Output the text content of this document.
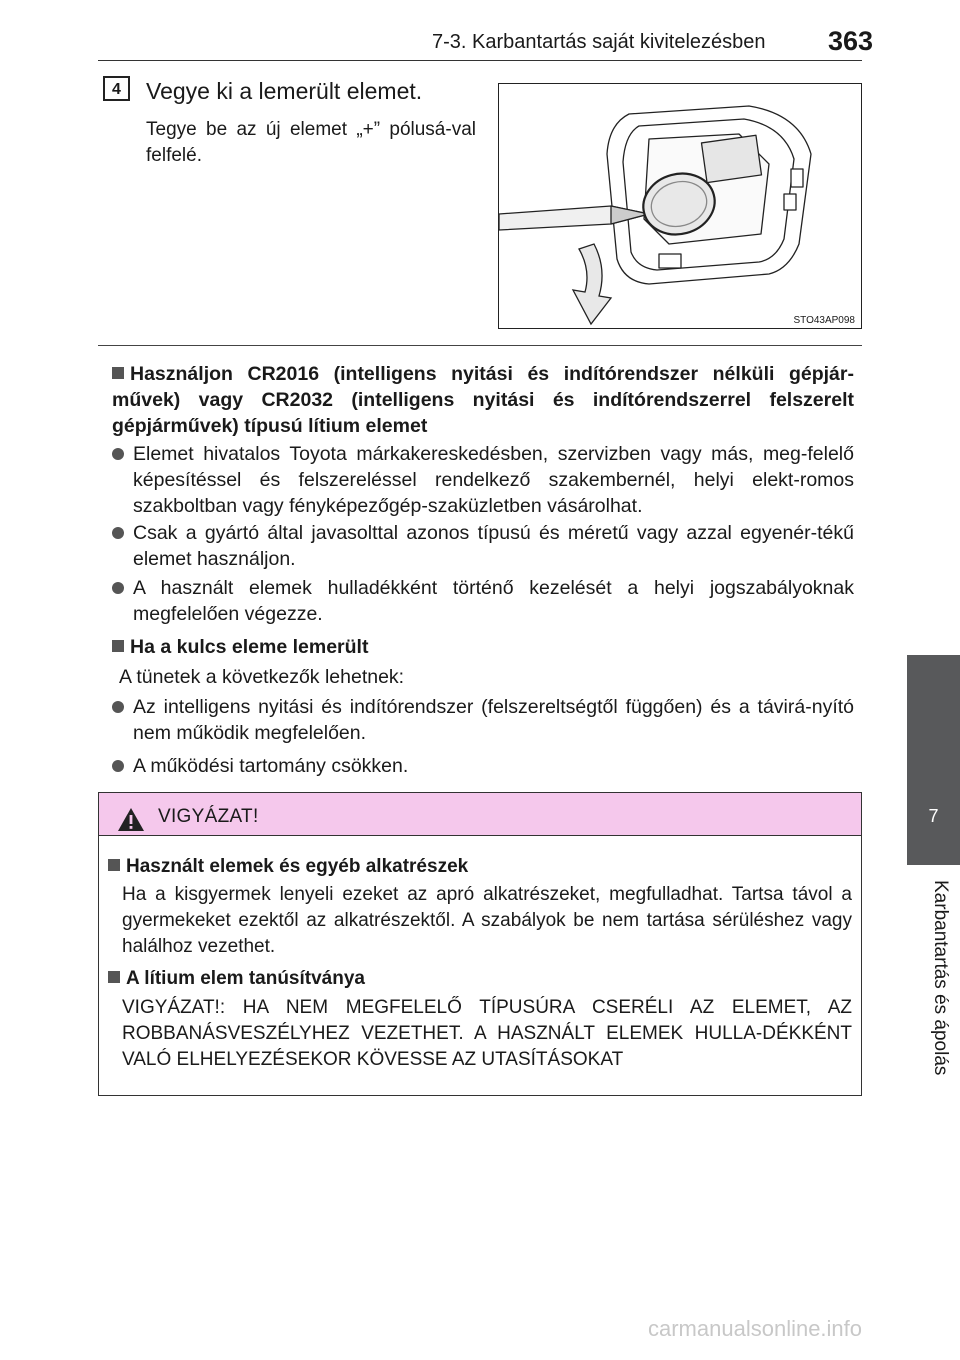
7-3. Karbantartás saját kivitelezésben 363
7
Karbantartás és ápolás
4	Vegye ki a lemerült elemet.
Tegye be az új elemet „+” pólusá-val felfelé.
STO43AP098
Használjon CR2016 (intelligens nyitási és indítórendszer nélküli gépjár-művek) vagy CR2032 (intelligens nyitási és indítórendszerrel felszerelt gépjárművek) típusú lítium elemet
Elemet hivatalos Toyota márkakereskedésben, szervizben vagy más, meg-felelő képesítéssel és felszereléssel rendelkező szakembernél, helyi elekt-romos szakboltban vagy fényképezőgép-szaküzletben vásárolhat.
Csak a gyártó által javasolttal azonos típusú és méretű vagy azzal egyenér-tékű elemet használjon.
A használt elemek hulladékként történő kezelését a helyi jogszabályoknak megfelelően végezze.
Ha a kulcs eleme lemerült
A tünetek a következők lehetnek:
Az intelligens nyitási és indítórendszer (felszereltségtől függően) és a távirá-nyító nem működik megfelelően.
A működési tartomány csökken.
VIGYÁZAT!
Használt elemek és egyéb alkatrészek
Ha a kisgyermek lenyeli ezeket az apró alkatrészeket, megfulladhat. Tartsa távol a gyermekeket ezektől az alkatrészektől. A szabályok be nem tartása sérüléshez vagy halálhoz vezethet.
A lítium elem tanúsítványa
VIGYÁZAT!: HA NEM MEGFELELŐ TÍPUSÚRA CSERÉLI AZ ELEMET, AZ ROBBANÁSVESZÉLYHEZ VEZETHET. A HASZNÁLT ELEMEK HULLA-DÉKKÉNT VALÓ ELHELYEZÉSEKOR KÖVESSE AZ UTASÍTÁSOKAT
carmanualsonline.info
